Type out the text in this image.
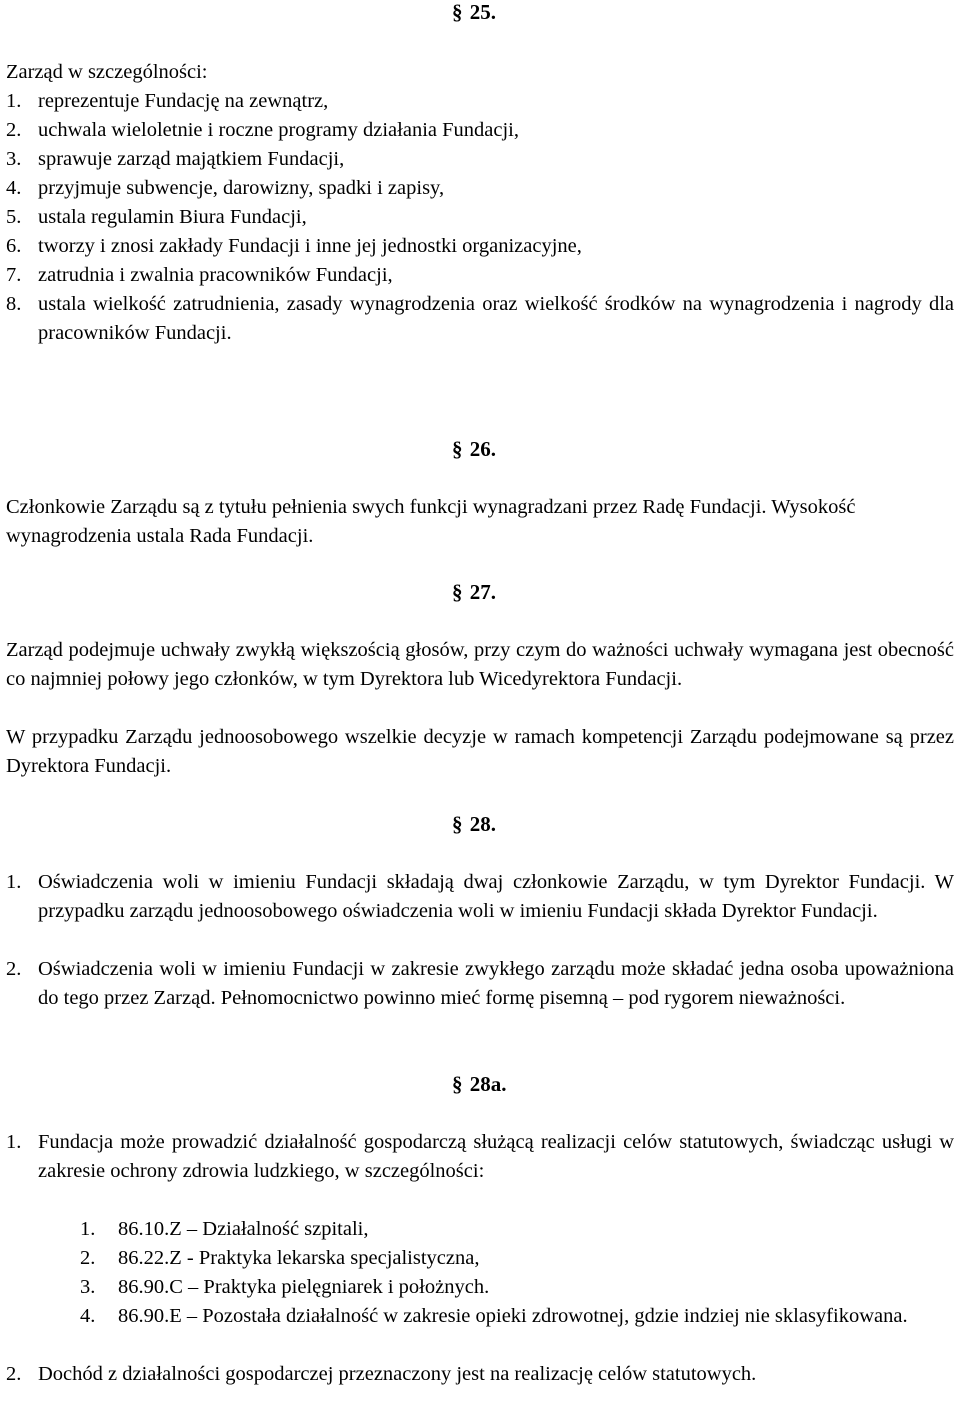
§ 25.

Zarząd w szczególności:

1. reprezentuje Fundację na zewnątrz,

2. uchwala wieloletnie i roczne programy działania Fundacji,

3. sprawuje zarząd majątkiem Fundacji,

4. przyjmuje subwencje, darowizny, spadki i zapisy,

5. ustala regulamin Biura Fundacji,

6. tworzy i znosi zakłady Fundacji i inne jej jednostki organizacyjne,

7. zatrudnia i zwalnia pracowników Fundacji,

8. ustala wielkość zatrudnienia, zasady wynagrodzenia oraz wielkość środków na wynagrodzenia i nagrody dla pracowników Fundacji.

§ 26.

Członkowie Zarządu są z tytułu pełnienia swych funkcji wynagradzani przez Radę Fundacji. Wysokość wynagrodzenia ustala Rada Fundacji.

§ 27.

Zarząd podejmuje uchwały zwykłą większością głosów, przy czym do ważności uchwały wymagana jest obecność co najmniej połowy jego członków, w tym Dyrektora lub Wicedyrektora Fundacji.

W przypadku Zarządu jednoosobowego wszelkie decyzje w ramach kompetencji Zarządu podejmowane są przez Dyrektora Fundacji.

§ 28.

1. Oświadczenia woli w imieniu Fundacji składają dwaj członkowie Zarządu, w tym Dyrektor Fundacji. W przypadku zarządu jednoosobowego oświadczenia woli w imieniu Fundacji składa Dyrektor Fundacji.

2. Oświadczenia woli w imieniu Fundacji w zakresie zwykłego zarządu może składać jedna osoba upoważniona do tego przez Zarząd. Pełnomocnictwo powinno mieć formę pisemną – pod rygorem nieważności.

§ 28a.

1. Fundacja może prowadzić działalność gospodarczą służącą realizacji celów statutowych, świadcząc usługi w zakresie ochrony zdrowia ludzkiego, w szczególności:

1. 86.10.Z – Działalność szpitali,

2. 86.22.Z - Praktyka lekarska specjalistyczna,

3. 86.90.C – Praktyka pielęgniarek i położnych.

4. 86.90.E – Pozostała działalność w zakresie opieki zdrowotnej, gdzie indziej nie sklasyfikowana.

2. Dochód z działalności gospodarczej przeznaczony jest na realizację celów statutowych.
